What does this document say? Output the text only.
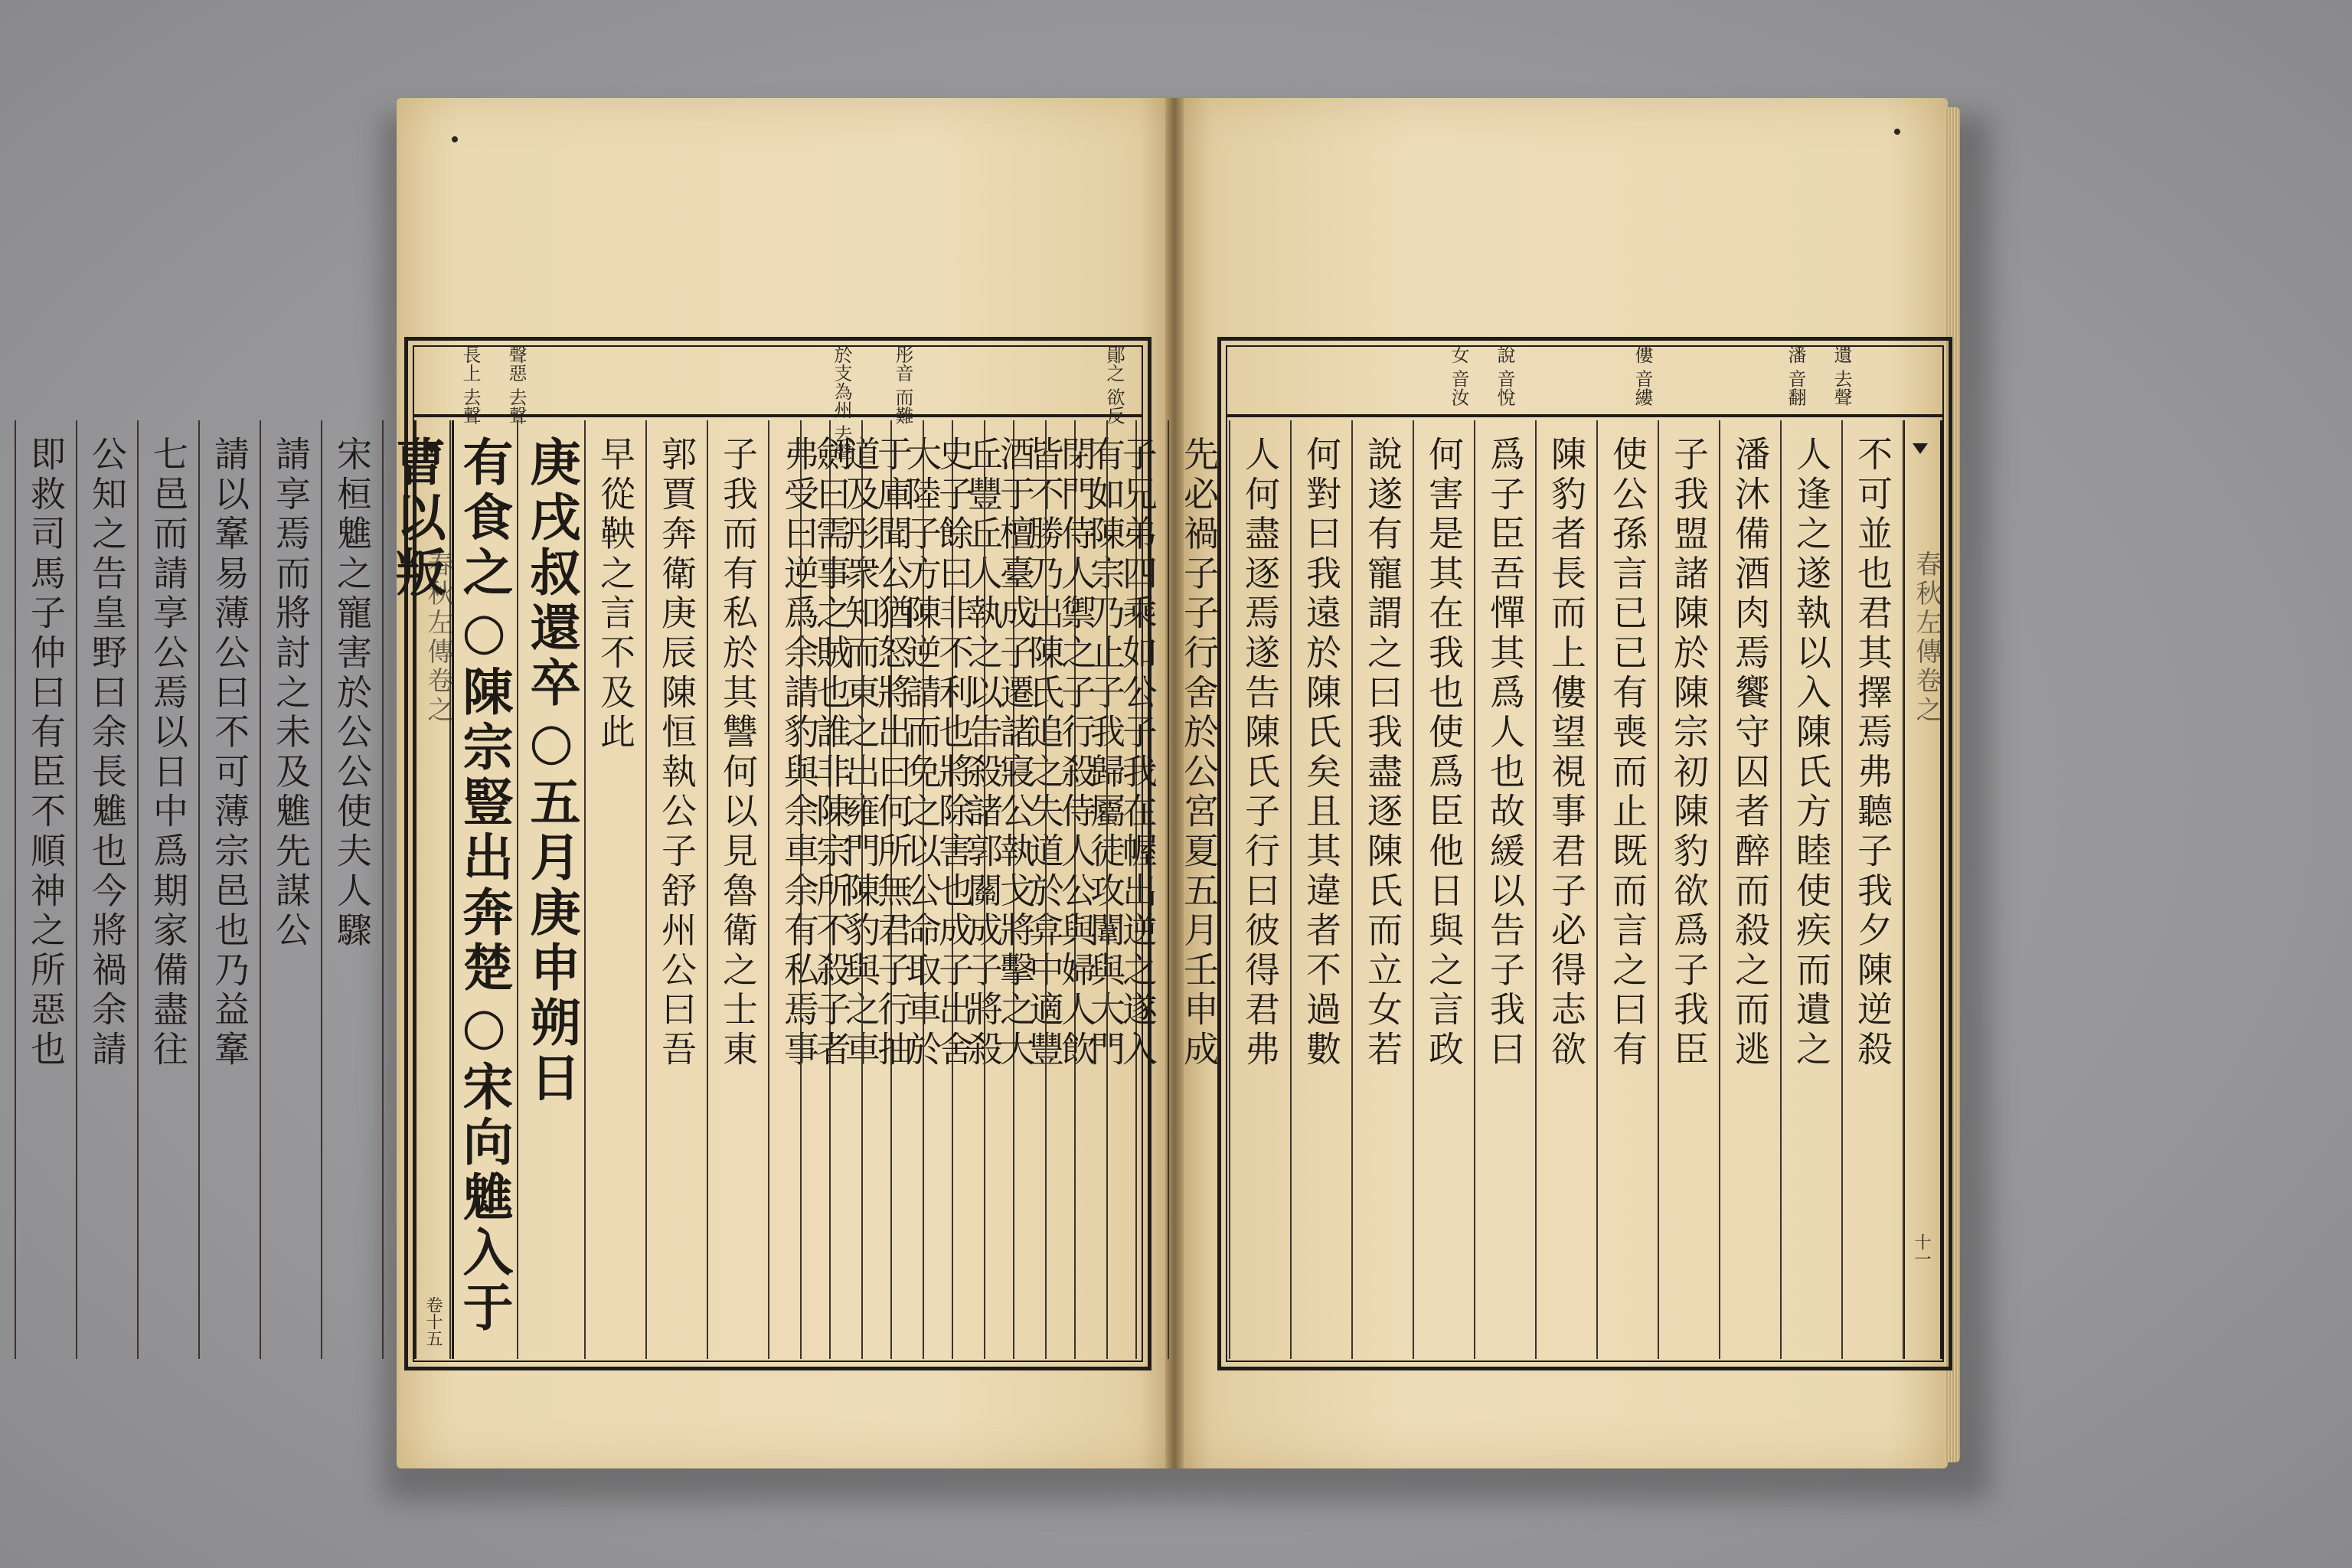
鄖之 欲反
彤音 而難
於支為州 去聲
長上 去聲 聲惡 去聲
春秋左傳卷之
卷十五
有如陳宗乃止子我歸屬徒攻闈與大門
皆不勝乃出陳氏追之失道於弇中適豐
丘豐丘人執之以告殺諸郭關成子將殺
大陸子方陳逆請而免之以公命取車於
道及彤衆知而東之出雍門陳豹與之車
弗受曰逆爲余請豹與余車余有私焉事
子我而有私於其讐何以見魯衛之士東
郭賈奔衛庚辰陳恒執公子舒州公曰吾
早從鞅之言不及此
庚戌叔還卒○五月庚申朔日
有食之○陳宗豎出奔楚○宋向魋入于
曹以叛
宋桓魋之寵害於公公使夫人驟
請享焉而將討之未及魋先謀公
請以鞌易薄公曰不可薄宗邑也乃益鞌
七邑而請享公焉以日中爲期家備盡往
公知之告皇野曰余長魋也今將禍余請
即救司馬子仲曰有臣不順神之所惡也
遺 去聲
潘 音翻
僂 音縷
說 音悅
女 音汝
春秋左傳卷之
十一
不可並也君其擇焉弗聽子我夕陳逆殺
人逢之遂執以入陳氏方睦使疾而遺之
潘沐備酒肉焉饗守囚者醉而殺之而逃
子我盟諸陳於陳宗初陳豹欲爲子我臣
使公孫言已已有喪而止既而言之曰有
陳豹者長而上僂望視事君子必得志欲
爲子臣吾憚其爲人也故緩以告子我曰
何害是其在我也使爲臣他日與之言政
說遂有寵謂之曰我盡逐陳氏而立女若
何對曰我遠於陳氏矣且其違者不過數
人何盡逐焉遂告陳氏子行曰彼得君弗
先必禍子子行舍於公宮夏五月壬申成
子兄弟四乘如公子我在幄出逆之遂入
閉門侍人禦之子行殺侍人公與婦人飲
酒于檀臺成子遷諸寢公執戈將擊之大
史子餘曰非不利也將除害也成子出舍
于庫聞公猶怒將出曰何所無君子行抽
劍曰需事之賊也誰非陳宗所不殺子者
